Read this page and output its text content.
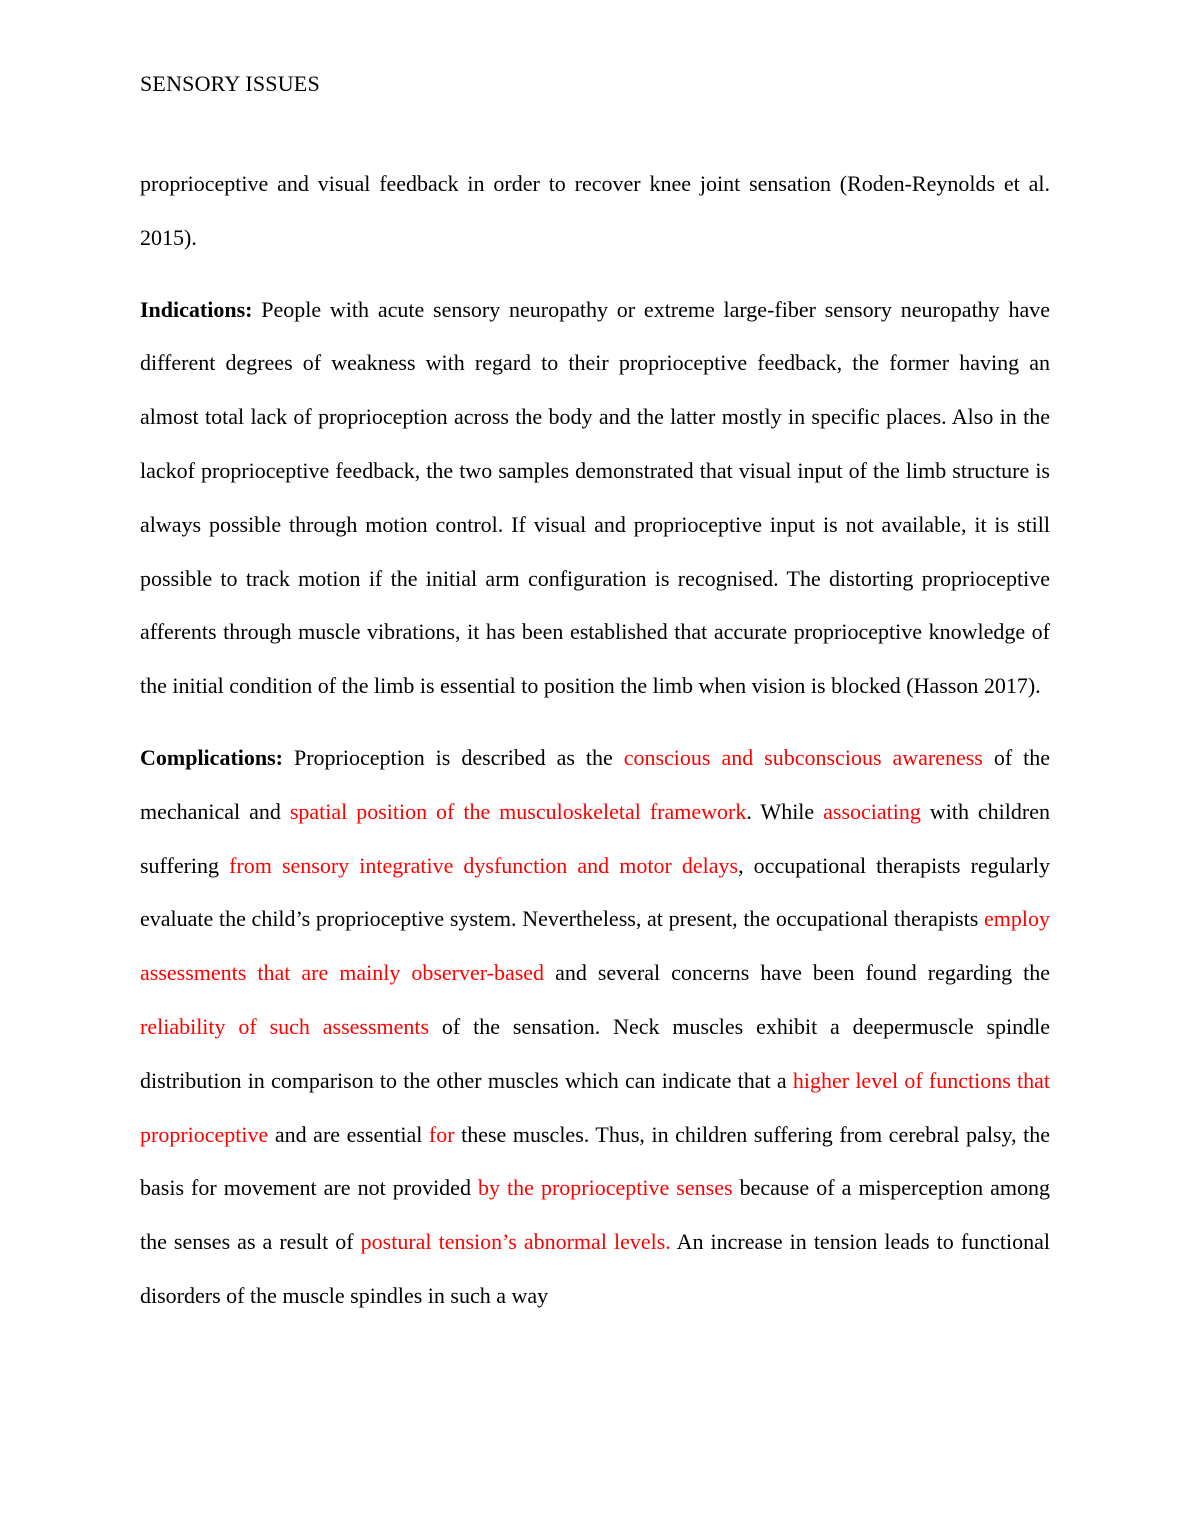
SENSORY ISSUES

proprioceptive and visual feedback in order to recover knee joint sensation (Roden-Reynolds et al. 2015).

Indications: People with acute sensory neuropathy or extreme large-fiber sensory neuropathy have different degrees of weakness with regard to their proprioceptive feedback, the former having an almost total lack of proprioception across the body and the latter mostly in specific places. Also in the lackof proprioceptive feedback, the two samples demonstrated that visual input of the limb structure is always possible through motion control. If visual and proprioceptive input is not available, it is still possible to track motion if the initial arm configuration is recognised. The distorting proprioceptive afferents through muscle vibrations, it has been established that accurate proprioceptive knowledge of the initial condition of the limb is essential to position the limb when vision is blocked (Hasson 2017).

Complications: Proprioception is described as the conscious and subconscious awareness of the mechanical and spatial position of the musculoskeletal framework. While associating with children suffering from sensory integrative dysfunction and motor delays, occupational therapists regularly evaluate the child’s proprioceptive system. Nevertheless, at present, the occupational therapists employ assessments that are mainly observer-based and several concerns have been found regarding the reliability of such assessments of the sensation. Neck muscles exhibit a deepermuscle spindle distribution in comparison to the other muscles which can indicate that a higher level of functions that proprioceptive and are essential for these muscles. Thus, in children suffering from cerebral palsy, the basis for movement are not provided by the proprioceptive senses because of a misperception among the senses as a result of postural tension’s abnormal levels. An increase in tension leads to functional disorders of the muscle spindles in such a way
